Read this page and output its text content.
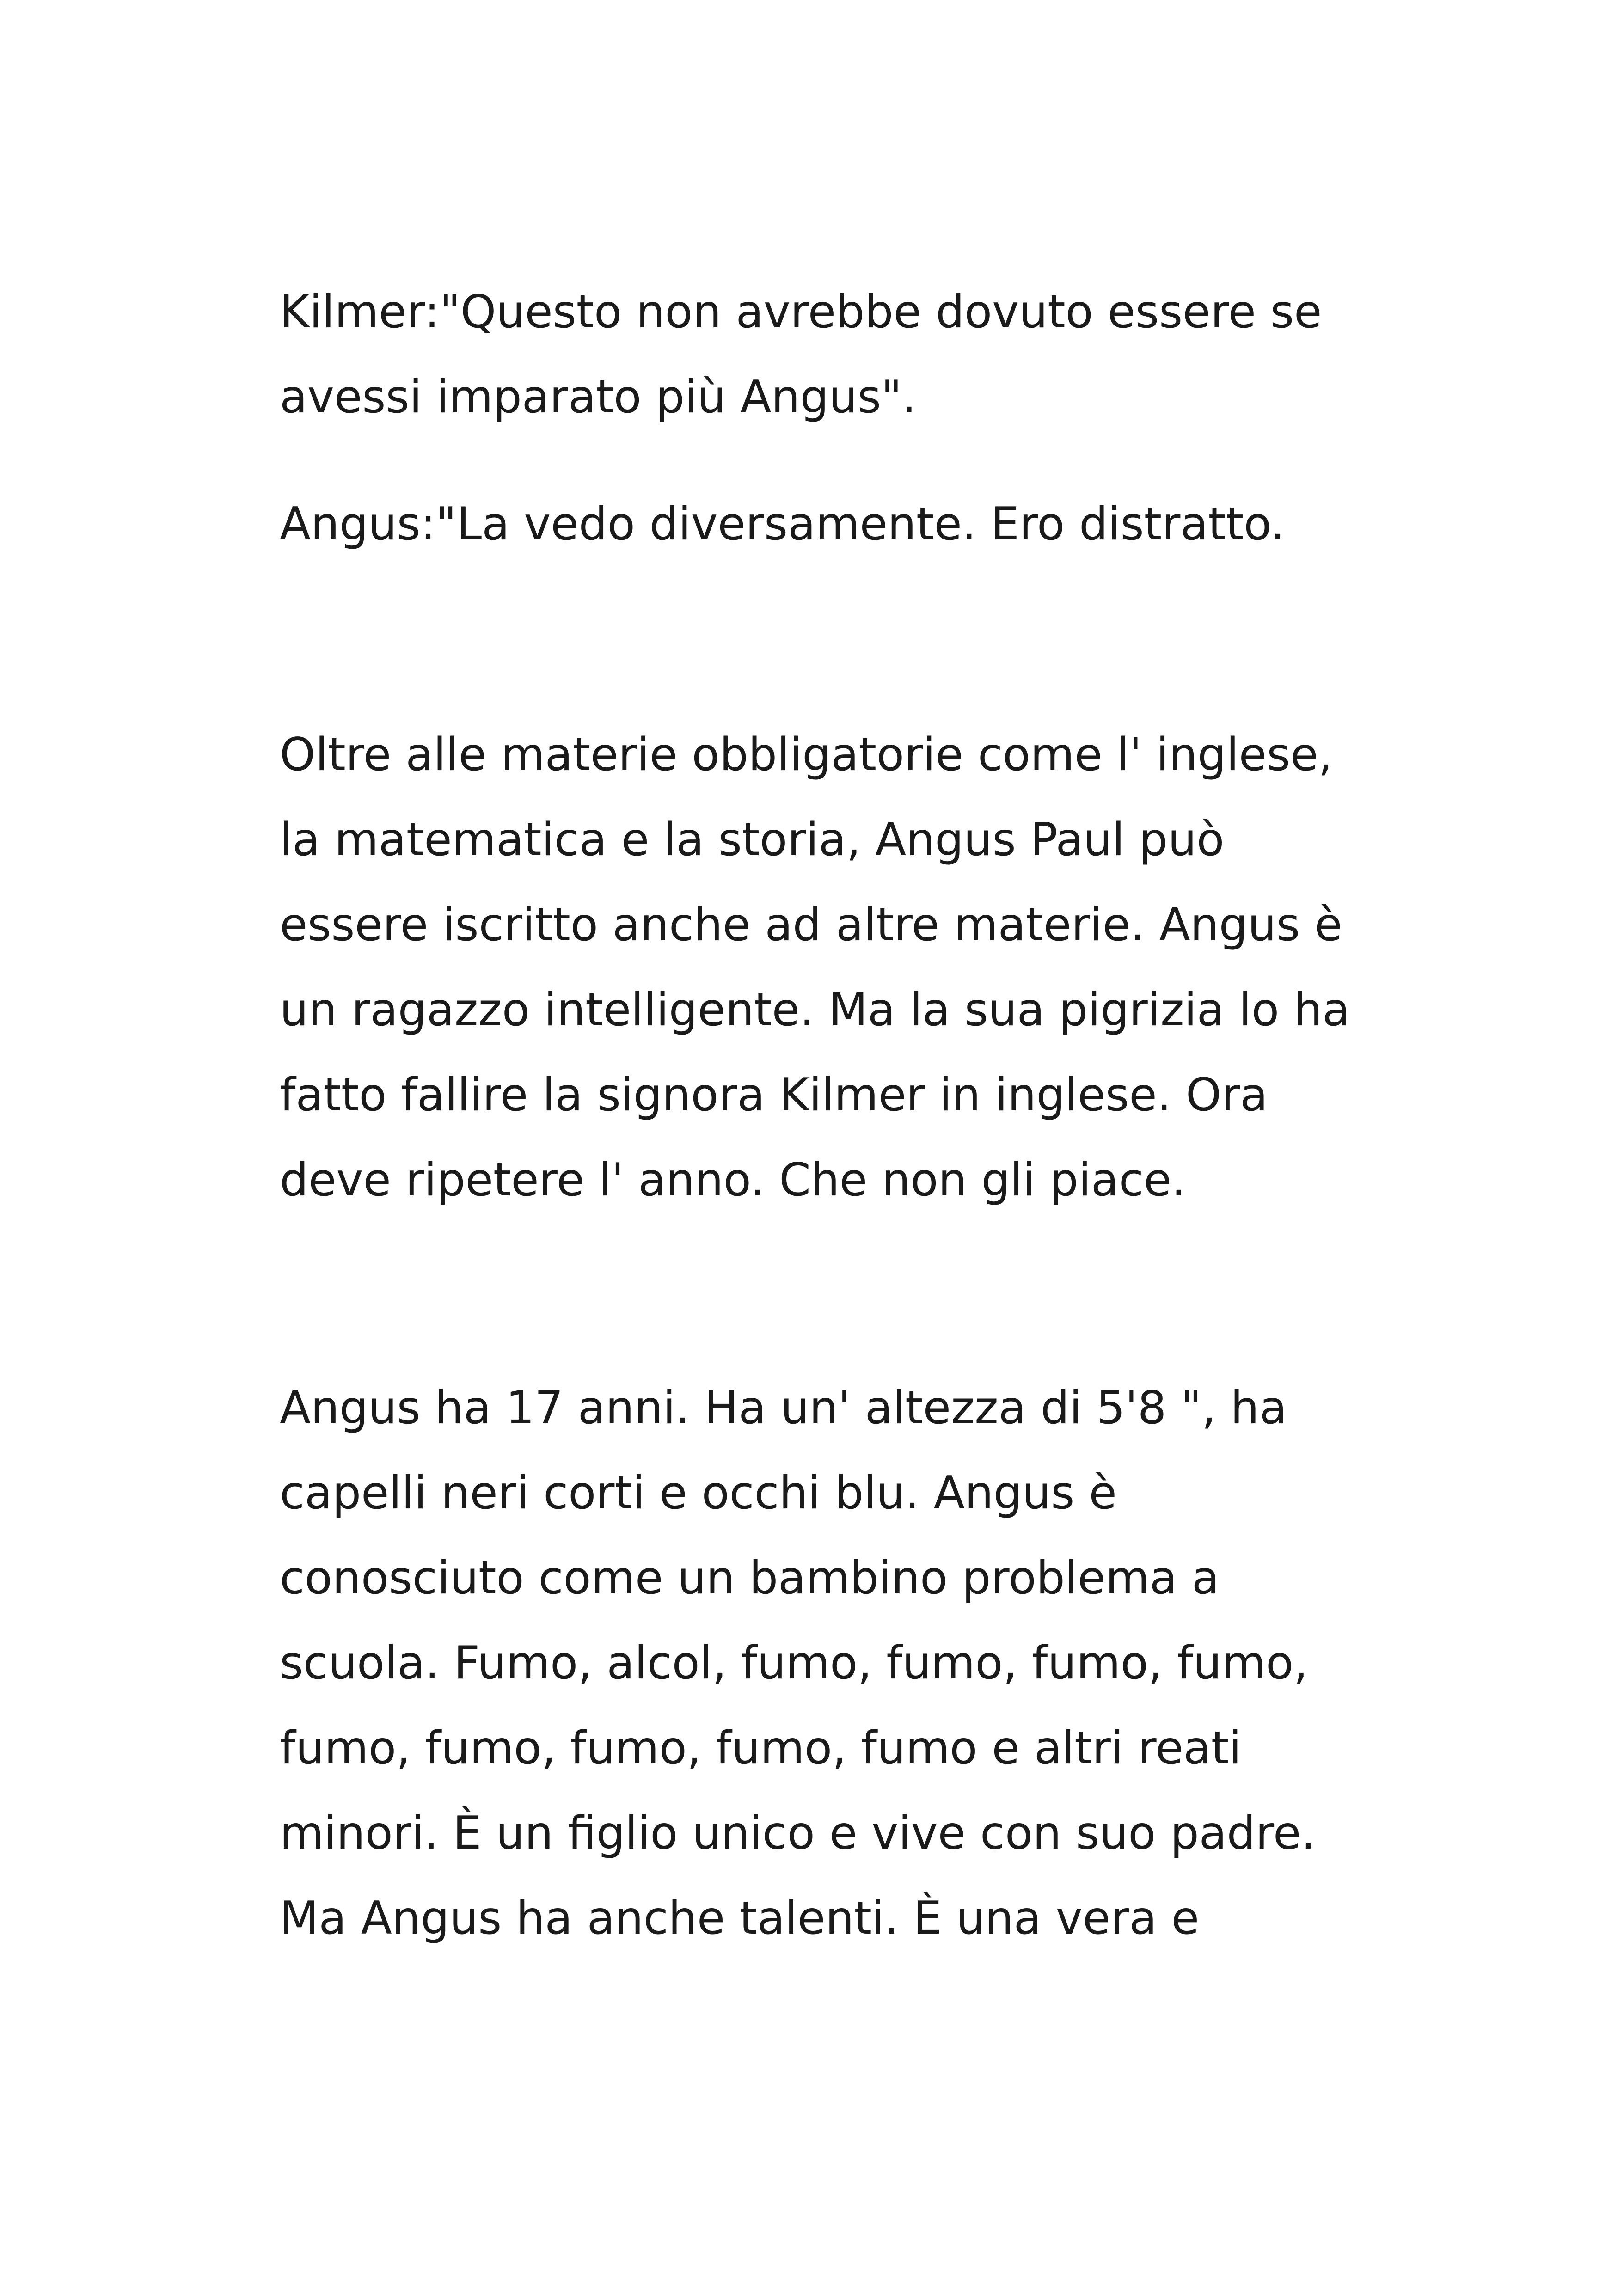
Kilmer:"Questo non avrebbe dovuto essere se
avessi imparato più Angus".

Angus:"La vedo diversamente. Ero distratto.

Oltre alle materie obbligatorie come l' inglese,
la matematica e la storia, Angus Paul può
essere iscritto anche ad altre materie. Angus è
un ragazzo intelligente. Ma la sua pigrizia lo ha
fatto fallire la signora Kilmer in inglese. Ora
deve ripetere l' anno. Che non gli piace.

Angus ha 17 anni. Ha un' altezza di 5'8 ", ha
capelli neri corti e occhi blu. Angus è
conosciuto come un bambino problema a
scuola. Fumo, alcol, fumo, fumo, fumo, fumo,
fumo, fumo, fumo, fumo, fumo e altri reati
minori. È un figlio unico e vive con suo padre.
Ma Angus ha anche talenti. È una vera e
